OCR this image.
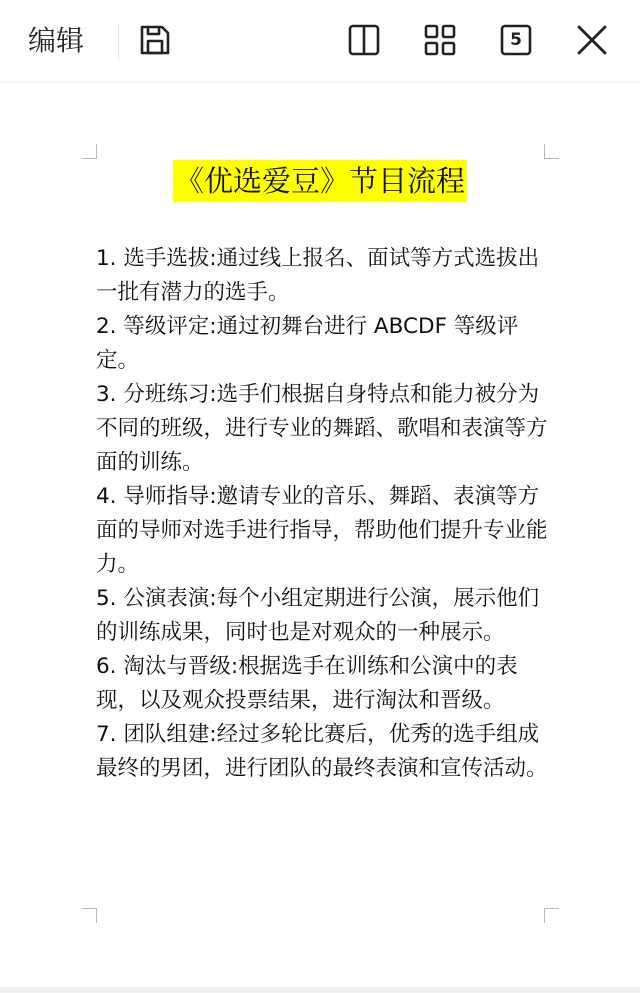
编辑	5
《优选爱豆》节目流程

1. 选手选拔:通过线上报名、面试等方式选拔出一批有潜力的选手。

2. 等级评定:通过初舞台进行 ABCDF 等级评定。

3. 分班练习:选手们根据自身特点和能力被分为不同的班级，进行专业的舞蹈、歌唱和表演等方面的训练。

4. 导师指导:邀请专业的音乐、舞蹈、表演等方面的导师对选手进行指导，帮助他们提升专业能力。

5. 公演表演:每个小组定期进行公演，展示他们的训练成果，同时也是对观众的一种展示。

6. 淘汰与晋级:根据选手在训练和公演中的表现，以及观众投票结果，进行淘汰和晋级。

7. 团队组建:经过多轮比赛后，优秀的选手组成最终的男团，进行团队的最终表演和宣传活动。
